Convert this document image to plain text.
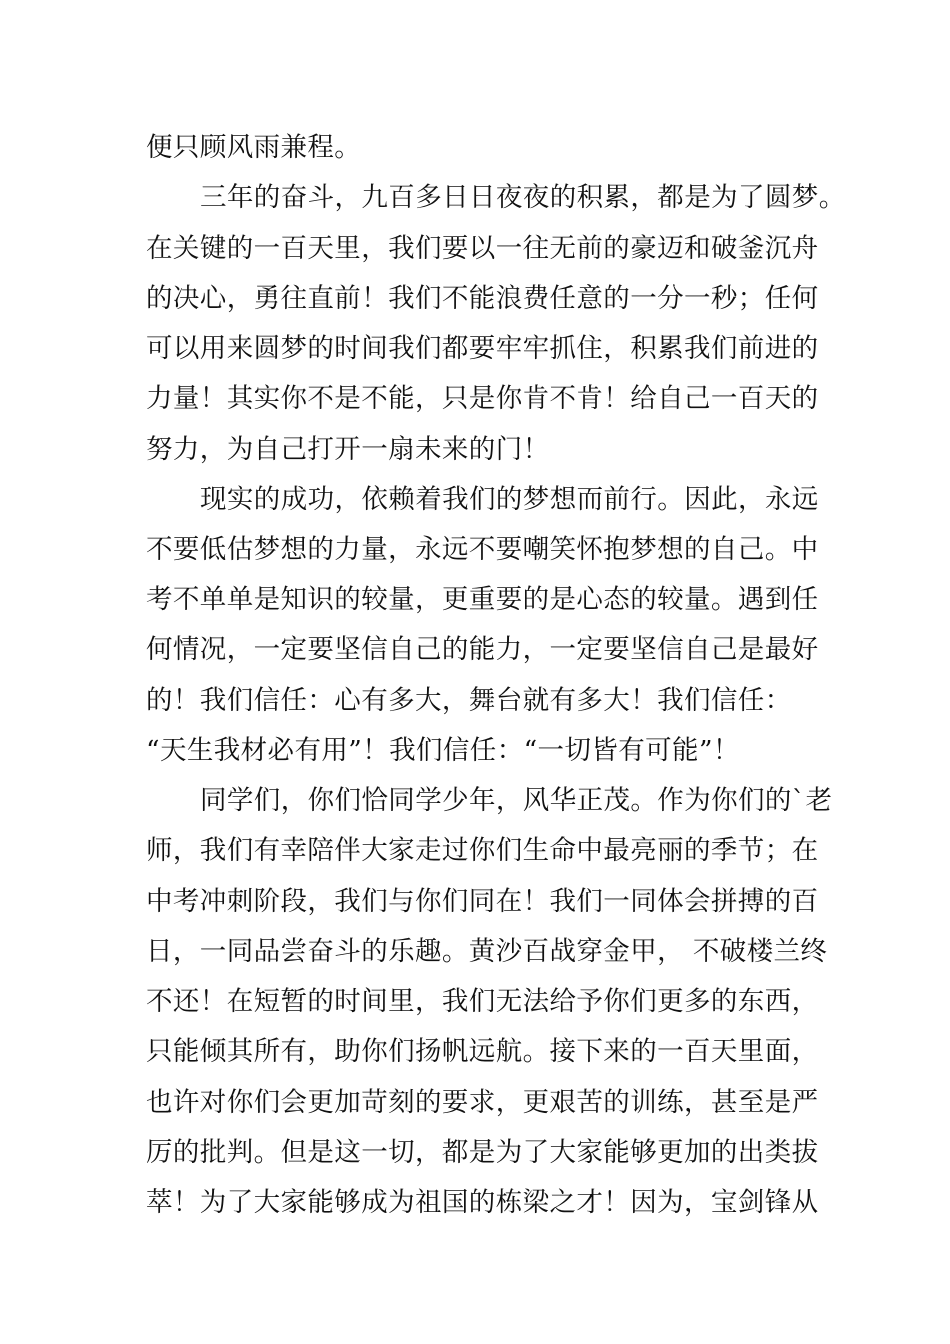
便只顾风雨兼程。
三年的奋斗，九百多日日夜夜的积累，都是为了圆梦。
在关键的一百天里，我们要以一往无前的豪迈和破釜沉舟
的决心，勇往直前！我们不能浪费任意的一分一秒；任何
可以用来圆梦的时间我们都要牢牢抓住，积累我们前进的
力量！其实你不是不能，只是你肯不肯！给自己一百天的
努力，为自己打开一扇未来的门！
现实的成功，依赖着我们的梦想而前行。因此，永远
不要低估梦想的力量，永远不要嘲笑怀抱梦想的自己。中
考不单单是知识的较量，更重要的是心态的较量。遇到任
何情况，一定要坚信自己的能力，一定要坚信自己是最好
的！我们信任：心有多大，舞台就有多大！我们信任：
“天生我材必有用”！我们信任：“一切皆有可能”！
同学们，你们恰同学少年，风华正茂。作为你们的`老
师，我们有幸陪伴大家走过你们生命中最亮丽的季节；在
中考冲刺阶段，我们与你们同在！我们一同体会拼搏的百
日，一同品尝奋斗的乐趣。黄沙百战穿金甲， 不破楼兰终
不还！在短暂的时间里，我们无法给予你们更多的东西，
只能倾其所有，助你们扬帆远航。接下来的一百天里面，
也许对你们会更加苛刻的要求，更艰苦的训练，甚至是严
厉的批判。但是这一切，都是为了大家能够更加的出类拔
萃！为了大家能够成为祖国的栋梁之才！因为，宝剑锋从
